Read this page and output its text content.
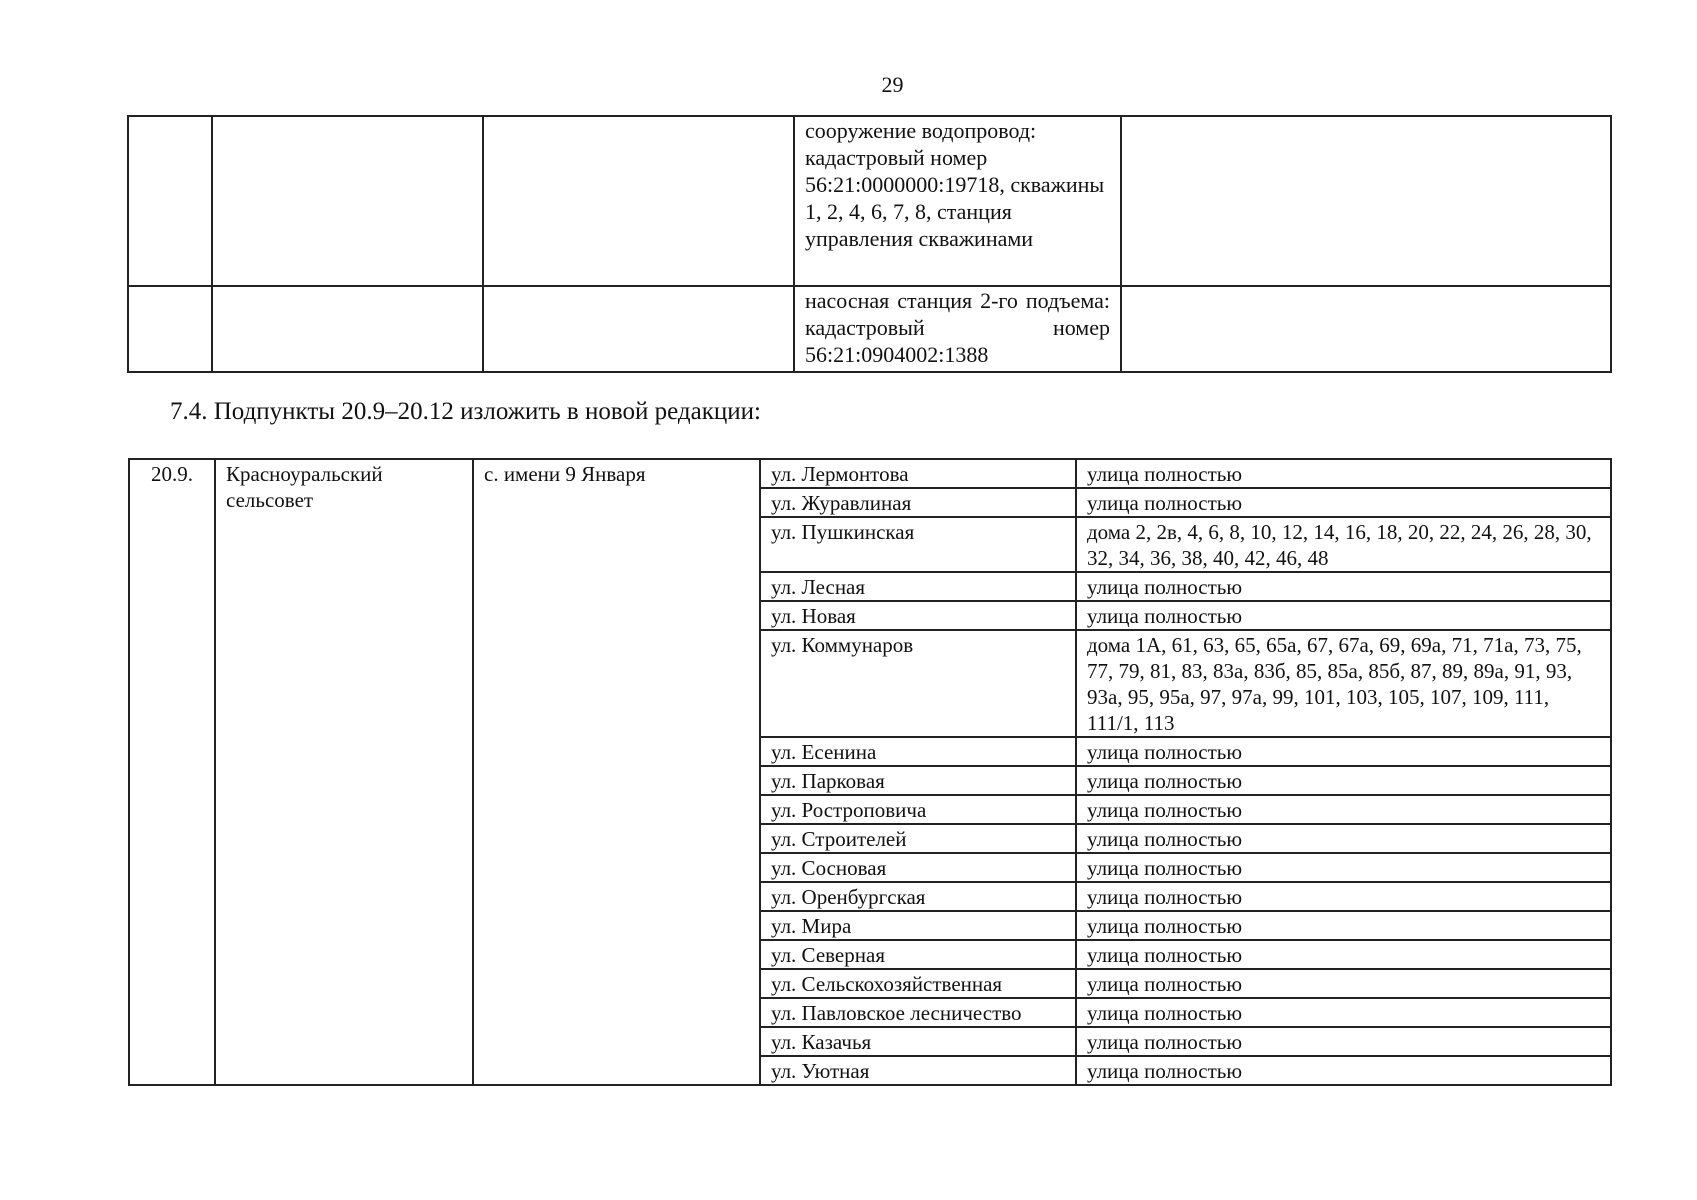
29
			сооружение водопровод: кадастровый номер 56:21:0000000:19718, скважины 1, 2, 4, 6, 7, 8, станция управления скважинами	
			насосная станция 2-го подъема: кадастровый номер 56:21:0904002:1388	
7.4. Подпункты 20.9–20.12 изложить в новой редакции:
20.9.	Красноуральский сельсовет	с. имени 9 Января	ул. Лермонтова	улица полностью
			ул. Журавлиная	улица полностью
			ул. Пушкинская	дома 2, 2в, 4, 6, 8, 10, 12, 14, 16, 18, 20, 22, 24, 26, 28, 30, 32, 34, 36, 38, 40, 42, 46, 48
			ул. Лесная	улица полностью
			ул. Новая	улица полностью
			ул. Коммунаров	дома 1А, 61, 63, 65, 65а, 67, 67а, 69, 69а, 71, 71а, 73, 75, 77, 79, 81, 83, 83а, 83б, 85, 85а, 85б, 87, 89, 89а, 91, 93, 93а, 95, 95а, 97, 97а, 99, 101, 103, 105, 107, 109, 111, 111/1, 113
			ул. Есенина	улица полностью
			ул. Парковая	улица полностью
			ул. Ростроповича	улица полностью
			ул. Строителей	улица полностью
			ул. Сосновая	улица полностью
			ул. Оренбургская	улица полностью
			ул. Мира	улица полностью
			ул. Северная	улица полностью
			ул. Сельскохозяйственная	улица полностью
			ул. Павловское лесничество	улица полностью
			ул. Казачья	улица полностью
			ул. Уютная	улица полностью
